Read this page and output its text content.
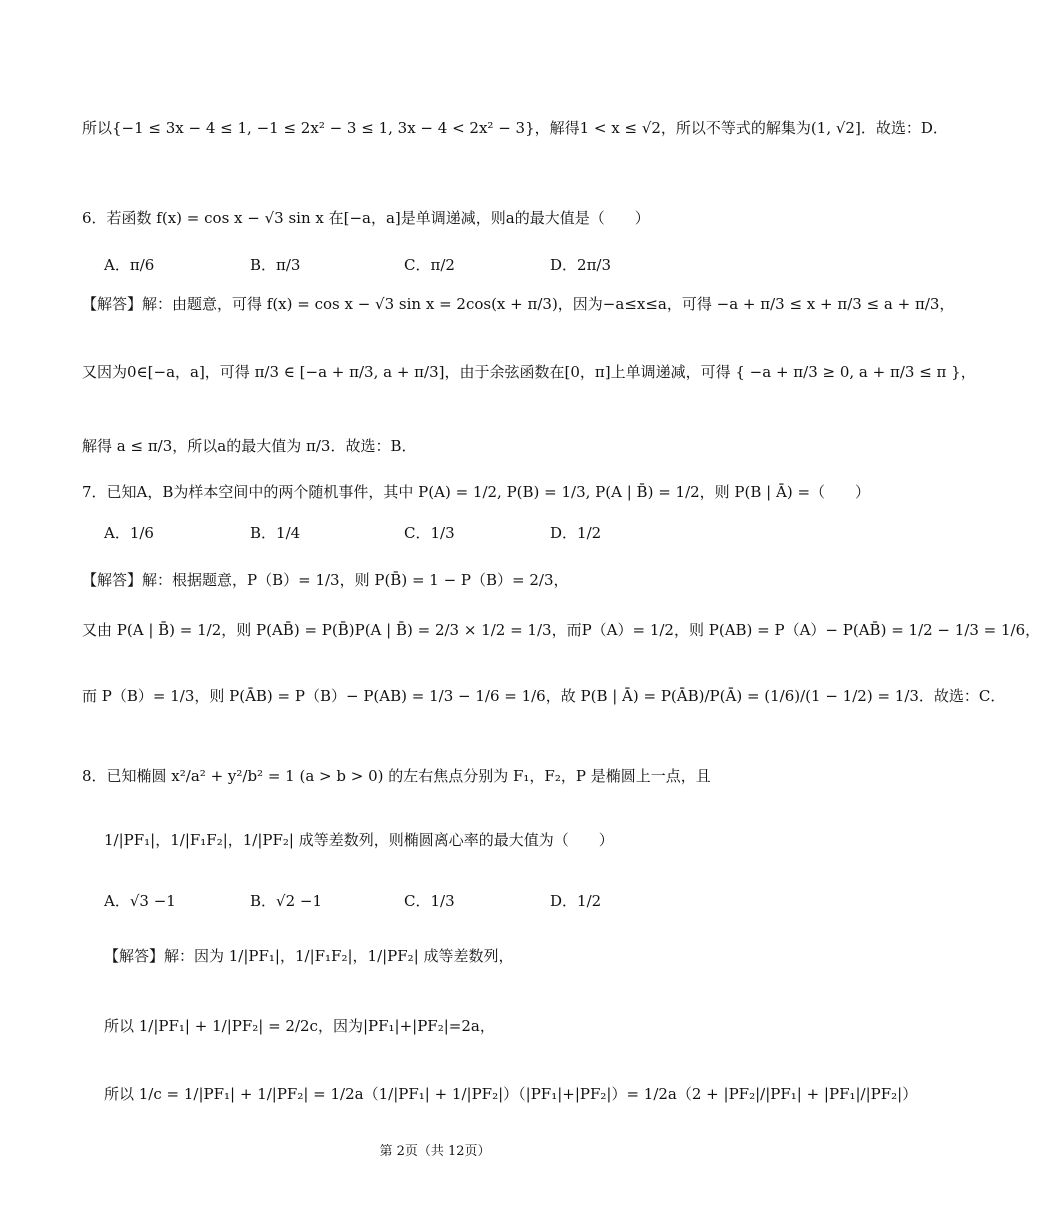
所以{−1 ≤ 3x − 4 ≤ 1, −1 ≤ 2x² − 3 ≤ 1, 3x − 4 < 2x² − 3}，解得1 < x ≤ √2，所以不等式的解集为(1, √2]．故选：D．
6．若函数 f(x) = cos x − √3 sin x 在[−a，a]是单调递减，则a的最大值是（　　）
A．π/6	B．π/3	C．π/2	D．2π/3
【解答】解：由题意，可得 f(x) = cos x − √3 sin x = 2cos(x + π/3)，因为−a≤x≤a，可得 −a + π/3 ≤ x + π/3 ≤ a + π/3，
又因为0∈[−a，a]，可得 π/3 ∈ [−a + π/3, a + π/3]，由于余弦函数在[0，π]上单调递减，可得 { −a + π/3 ≥ 0, a + π/3 ≤ π }，
解得 a ≤ π/3，所以a的最大值为 π/3．故选：B．
7．已知A，B为样本空间中的两个随机事件，其中 P(A) = 1/2, P(B) = 1/3, P(A | B̄) = 1/2，则 P(B | Ā) =（　　）
A．1/6	B．1/4	C．1/3	D．1/2
【解答】解：根据题意，P（B）= 1/3，则 P(B̄) = 1 − P（B）= 2/3，
又由 P(A | B̄) = 1/2，则 P(AB̄) = P(B̄)P(A | B̄) = 2/3 × 1/2 = 1/3，而P（A）= 1/2，则 P(AB) = P（A）− P(AB̄) = 1/2 − 1/3 = 1/6，
而 P（B）= 1/3，则 P(ĀB) = P（B）− P(AB) = 1/3 − 1/6 = 1/6，故 P(B | Ā) = P(ĀB)/P(Ā) = (1/6)/(1 − 1/2) = 1/3．故选：C．
8．已知椭圆 x²/a² + y²/b² = 1 (a > b > 0) 的左右焦点分别为 F₁，F₂，P 是椭圆上一点，且
1/|PF₁|，1/|F₁F₂|，1/|PF₂| 成等差数列，则椭圆离心率的最大值为（　　）
A．√3 −1	B．√2 −1	C．1/3	D．1/2
【解答】解：因为 1/|PF₁|，1/|F₁F₂|，1/|PF₂| 成等差数列，
所以 1/|PF₁| + 1/|PF₂| = 2/2c，因为|PF₁|+|PF₂|=2a，
所以 1/c = 1/|PF₁| + 1/|PF₂| = 1/2a（1/|PF₁| + 1/|PF₂|）（|PF₁|+|PF₂|）= 1/2a（2 + |PF₂|/|PF₁| + |PF₁|/|PF₂|）
第 2页（共 12页）
